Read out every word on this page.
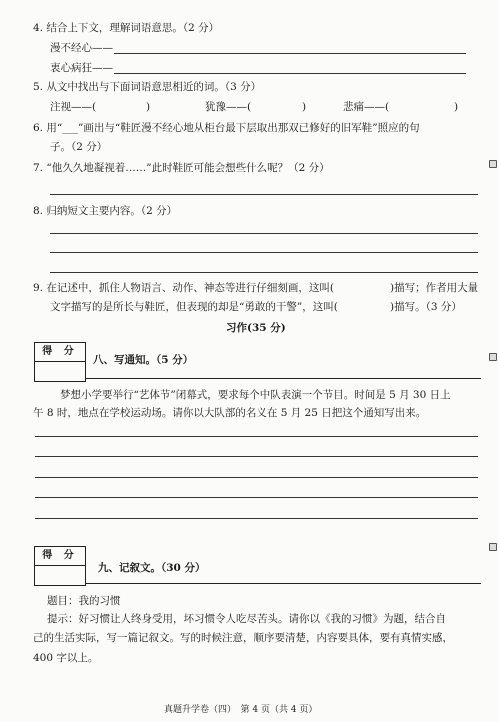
4. 结合上下文，理解词语意思。（2 分）
漫不经心——
衷心病狂——
5. 从文中找出与下面词语意思相近的词。（3 分）
注视——(	)	犹豫——(	)	悲痛——(	)
6. 用“___”画出与“鞋匠漫不经心地从柜台最下层取出那双已修好的旧军鞋”照应的句
子。（2 分）
7. “他久久地凝视着……”此时鞋匠可能会想些什么呢？（2 分）
8. 归纳短文主要内容。（2 分）
9. 在记述中，抓住人物语言、动作、神态等进行仔细刻画，这叫(	)描写；作者用大量
文字描写的是所长与鞋匠，但表现的却是“勇敢的干警”，这叫(	)描写。（3 分）
习作(35 分)
得 分
八、写通知。（5 分）
梦想小学要举行“艺体节”闭幕式，要求每个中队表演一个节目。时间是 5 月 30 日上
午 8 时，地点在学校运动场。请你以大队部的名义在 5 月 25 日把这个通知写出来。
得 分
九、记叙文。（30 分）
题目：我的习惯
提示：好习惯让人终身受用，坏习惯令人吃尽苦头。请你以《我的习惯》为题，结合自
己的生活实际，写一篇记叙文。写的时候注意，顺序要清楚，内容要具体，要有真情实感，
400 字以上。
真题升学卷（四）　第 4 页（共 4 页）
